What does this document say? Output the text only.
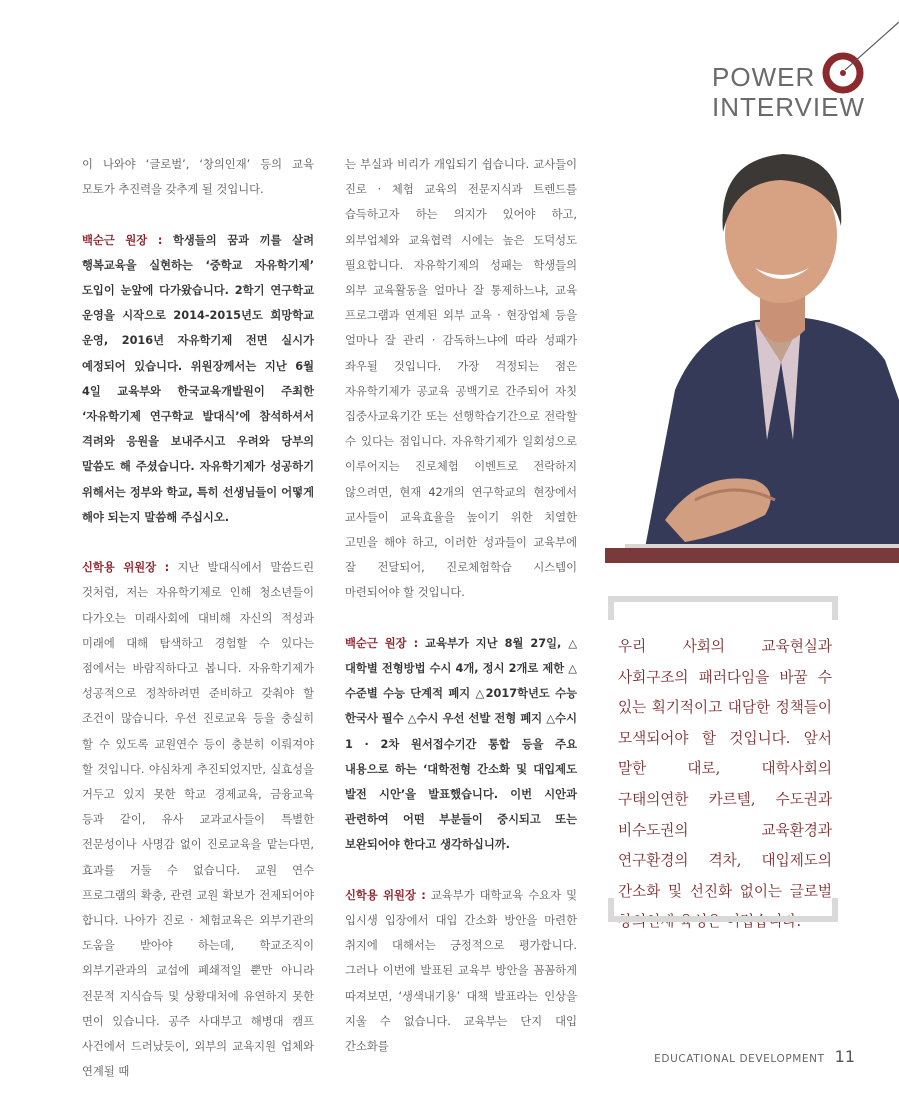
POWER
INTERVIEW

이 나와야 ‘글로벌’, ‘창의인재’ 등의 교육 모토가 추진력을 갖추게 될 것입니다.

백순근 원장 : 학생들의 꿈과 끼를 살려 행복교육을 실현하는 ‘중학교 자유학기제’ 도입이 눈앞에 다가왔습니다. 2학기 연구학교 운영을 시작으로 2014-2015년도 희망학교 운영, 2016년 자유학기제 전면 실시가 예정되어 있습니다. 위원장께서는 지난 6월 4일 교육부와 한국교육개발원이 주최한 ‘자유학기제 연구학교 발대식’에 참석하셔서 격려와 응원을 보내주시고 우려와 당부의 말씀도 해 주셨습니다. 자유학기제가 성공하기 위해서는 정부와 학교, 특히 선생님들이 어떻게 해야 되는지 말씀해 주십시오.

신학용 위원장 : 지난 발대식에서 말씀드린 것처럼, 저는 자유학기제로 인해 청소년들이 다가오는 미래사회에 대비해 자신의 적성과 미래에 대해 탐색하고 경험할 수 있다는 점에서는 바람직하다고 봅니다. 자유학기제가 성공적으로 정착하려면 준비하고 갖춰야 할 조건이 많습니다. 우선 진로교육 등을 충실히 할 수 있도록 교원연수 등이 충분히 이뤄져야 할 것입니다. 야심차게 추진되었지만, 실효성을 거두고 있지 못한 학교 경제교육, 금융교육 등과 같이, 유사 교과교사들이 특별한 전문성이나 사명감 없이 진로교육을 맡는다면, 효과를 거둘 수 없습니다. 교원 연수 프로그램의 확충, 관련 교원 확보가 전제되어야 합니다. 나아가 진로 · 체험교육은 외부기관의 도움을 받아야 하는데, 학교조직이 외부기관과의 교섭에 폐쇄적일 뿐만 아니라 전문적 지식습득 및 상황대처에 유연하지 못한 면이 있습니다. 공주 사대부고 해병대 캠프 사건에서 드러났듯이, 외부의 교육지원 업체와 연계될 때

는 부실과 비리가 개입되기 쉽습니다. 교사들이 진로 · 체험 교육의 전문지식과 트렌드를 습득하고자 하는 의지가 있어야 하고, 외부업체와 교육협력 시에는 높은 도덕성도 필요합니다. 자유학기제의 성패는 학생들의 외부 교육활동을 얼마나 잘 통제하느냐, 교육 프로그램과 연계된 외부 교육 · 현장업체 등을 얼마나 잘 관리 · 감독하느냐에 따라 성패가 좌우될 것입니다. 가장 걱정되는 점은 자유학기제가 공교육 공백기로 간주되어 자칫 집중사교육기간 또는 선행학습기간으로 전락할 수 있다는 점입니다. 자유학기제가 일회성으로 이루어지는 진로체험 이벤트로 전락하지 않으려면, 현재 42개의 연구학교의 현장에서 교사들이 교육효율을 높이기 위한 치열한 고민을 해야 하고, 이러한 성과들이 교육부에 잘 전달되어, 진로체험학습 시스템이 마련되어야 할 것입니다.

백순근 원장 : 교육부가 지난 8월 27일, △대학별 전형방법 수시 4개, 정시 2개로 제한 △수준별 수능 단계적 폐지 △2017학년도 수능 한국사 필수 △수시 우선 선발 전형 폐지 △수시 1 · 2차 원서접수기간 통합 등을 주요 내용으로 하는 ‘대학전형 간소화 및 대입제도 발전 시안’을 발표했습니다. 이번 시안과 관련하여 어떤 부분들이 중시되고 또는 보완되어야 한다고 생각하십니까.

신학용 위원장 : 교육부가 대학교육 수요자 및 입시생 입장에서 대입 간소화 방안을 마련한 취지에 대해서는 긍정적으로 평가합니다. 그러나 이번에 발표된 교육부 방안을 꼼꼼하게 따져보면, ‘생색내기용’ 대책 발표라는 인상을 지울 수 없습니다. 교육부는 단지 대입 간소화를

우리 사회의 교육현실과 사회구조의 패러다임을 바꿀 수 있는 획기적이고 대담한 정책들이 모색되어야 할 것입니다. 앞서 말한 대로, 대학사회의 구태의연한 카르텔, 수도권과 비수도권의 교육환경과 연구환경의 격차, 대입제도의 간소화 및 선진화 없이는 글로벌 창의인재 육성은 어렵습니다.
EDUCATIONAL DEVELOPMENT 11
